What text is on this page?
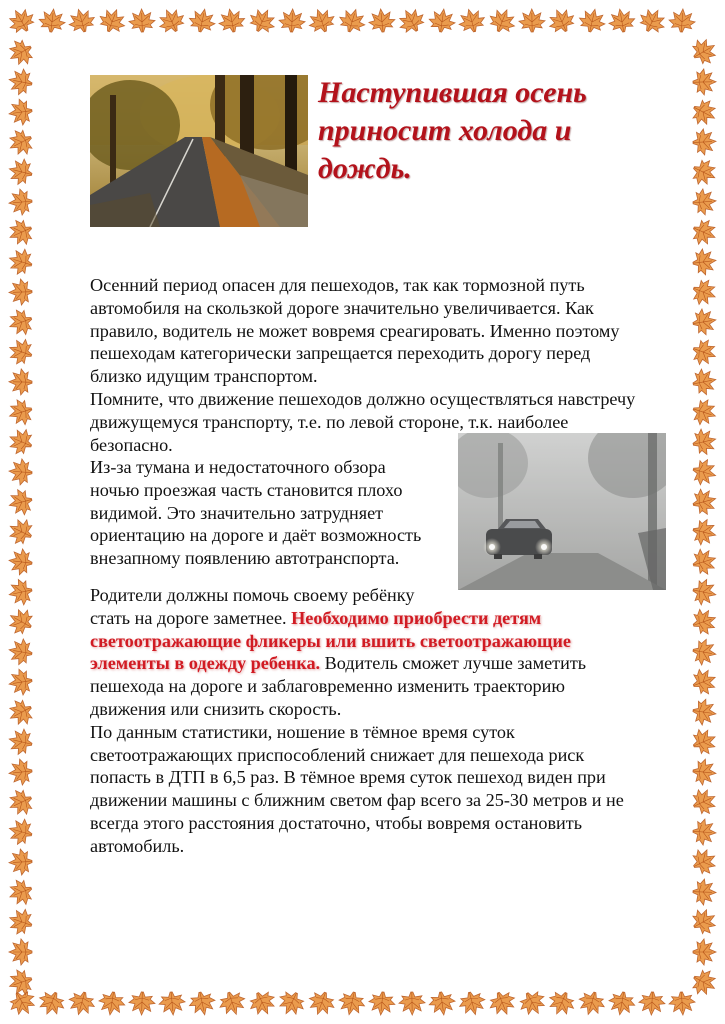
Наступившая осень
приносит холода и
дождь.

Осенний период опасен для пешеходов, так как тормозной путь
автомобиля на скользкой дороге значительно увеличивается. Как
правило, водитель не может вовремя среагировать. Именно поэтому
пешеходам категорически запрещается переходить дорогу перед
близко идущим транспортом.
Помните, что движение пешеходов должно осуществляться навстречу
движущемуся транспорту, т.е. по левой стороне, т.к. наиболее
безопасно.

Из-за тумана и недостаточного обзора
ночью проезжая часть становится плохо
видимой. Это значительно затрудняет
ориентацию на дороге и даёт возможность
внезапному появлению автотранспорта.

Родители должны помочь своему ребёнку
стать на дороге заметнее. Необходимо приобрести детям
светоотражающие фликеры или вшить светоотражающие
элементы в одежду ребенка. Водитель сможет лучше заметить
пешехода на дороге и заблаговременно изменить траекторию
движения или снизить скорость.
По данным статистики, ношение в тёмное время суток
светоотражающих приспособлений снижает для пешехода риск
попасть в ДТП в 6,5 раз. В тёмное время суток пешеход виден при
движении машины с ближним светом фар всего за 25-30 метров и не
всегда этого расстояния достаточно, чтобы вовремя остановить
автомобиль.
